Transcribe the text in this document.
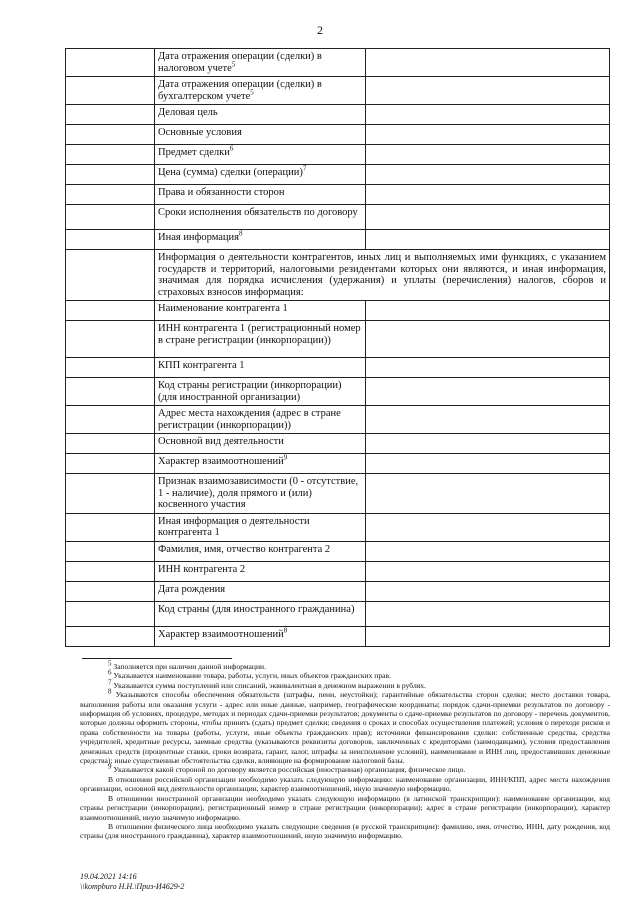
2
	Дата отражения операции (сделки) в налоговом учете$^5$	
	Дата отражения операции (сделки) в бухгалтерском учете$^5$	
	Деловая цель	
	Основные условия	
	Предмет сделки$^6$	
	Цена (сумма) сделки (операции)$^7$	
	Права и обязанности сторон	
	Сроки исполнения обязательств по договору	
	Иная информация$^8$	
	Информация о деятельности контрагентов, иных лиц и выполняемых ими функциях, с указанием государств и территорий, налоговыми резидентами которых они являются, и иная информация, значимая для порядка исчисления (удержания) и уплаты (перечисления) налогов, сборов и страховых взносов информация:	
	Наименование контрагента 1	
	ИНН контрагента 1 (регистрационный номер в стране регистрации (инкорпорации))	
	КПП контрагента 1	
	Код страны регистрации (инкорпорации) (для иностранной организации)	
	Адрес места нахождения (адрес в стране регистрации (инкорпорации))	
	Основной вид деятельности	
	Характер взаимоотношений$^9$	
	Признак взаимозависимости (0 - отсутствие, 1 - наличие), доля прямого и (или) косвенного участия	
	Иная информация о деятельности контрагента 1	
	Фамилия, имя, отчество контрагента 2	
	ИНН контрагента 2	
	Дата рождения	
	Код страны (для иностранного гражданина)	
	Характер взаимоотношений$^8$	

$^5$ Заполняется при наличии данной информации.

$^6$ Указывается наименование товара, работы, услуги, иных объектов гражданских прав.

$^7$ Указывается сумма поступлений или списаний, эквивалентная в денежном выражении в рублях.

$^8$ Указываются способы обеспечения обязательств (штрафы, пени, неустойки); гарантийные обязательства сторон сделки; место доставки товара, выполнения работы или оказания услуги - адрес или иные данные, например, географические координаты; порядок сдачи-приемки результатов по договору - информация об условиях, процедуре, методах и периодах сдачи-приемки результатов; документы о сдаче-приемке результатов по договору - перечень документов, которые должны оформить стороны, чтобы принять (сдать) предмет сделки; сведения о сроках и способах осуществления платежей; условия о переходе рисков и права собственности на товары (работы, услуги, иные объекты гражданских прав); источники финансирования сделки: собственные средства, средства учредителей, кредитные ресурсы, заемные средства (указываются реквизиты договоров, заключенных с кредиторами (заимодавцами), условия предоставления денежных средств (процентные ставки, сроки возврата, гарант, залог, штрафы за неисполнение условий), наименование и ИНН лиц, предоставивших денежные средства); иные существенные обстоятельства сделки, влияющие на формирование налоговой базы.

$^9$ Указывается какой стороной по договору является российская (иностранная) организация, физическое лицо.

В отношении российской организации необходимо указать следующую информацию: наименование организации, ИНН/КПП, адрес места нахождения организации, основной вид деятельности организации, характер взаимоотношений, иную значимую информацию.

В отношении иностранной организации необходимо указать следующую информацию (в латинской транскрипции): наименование организации, код страны регистрации (инкорпорации), регистрационный номер в стране регистрации (инкорпорации); адрес в стране регистрации (инкорпорации), характер взаимоотношений, иную значимую информацию.

В отношении физического лица необходимо указать следующие сведения (в русской транскрипции): фамилию, имя, отчество, ИНН, дату рождения, код страны (для иностранного гражданина), характер взаимоотношений, иную значимую информацию.

19.04.2021 14:16
\\kompburo Н.Н.\Приз-И4629-2
